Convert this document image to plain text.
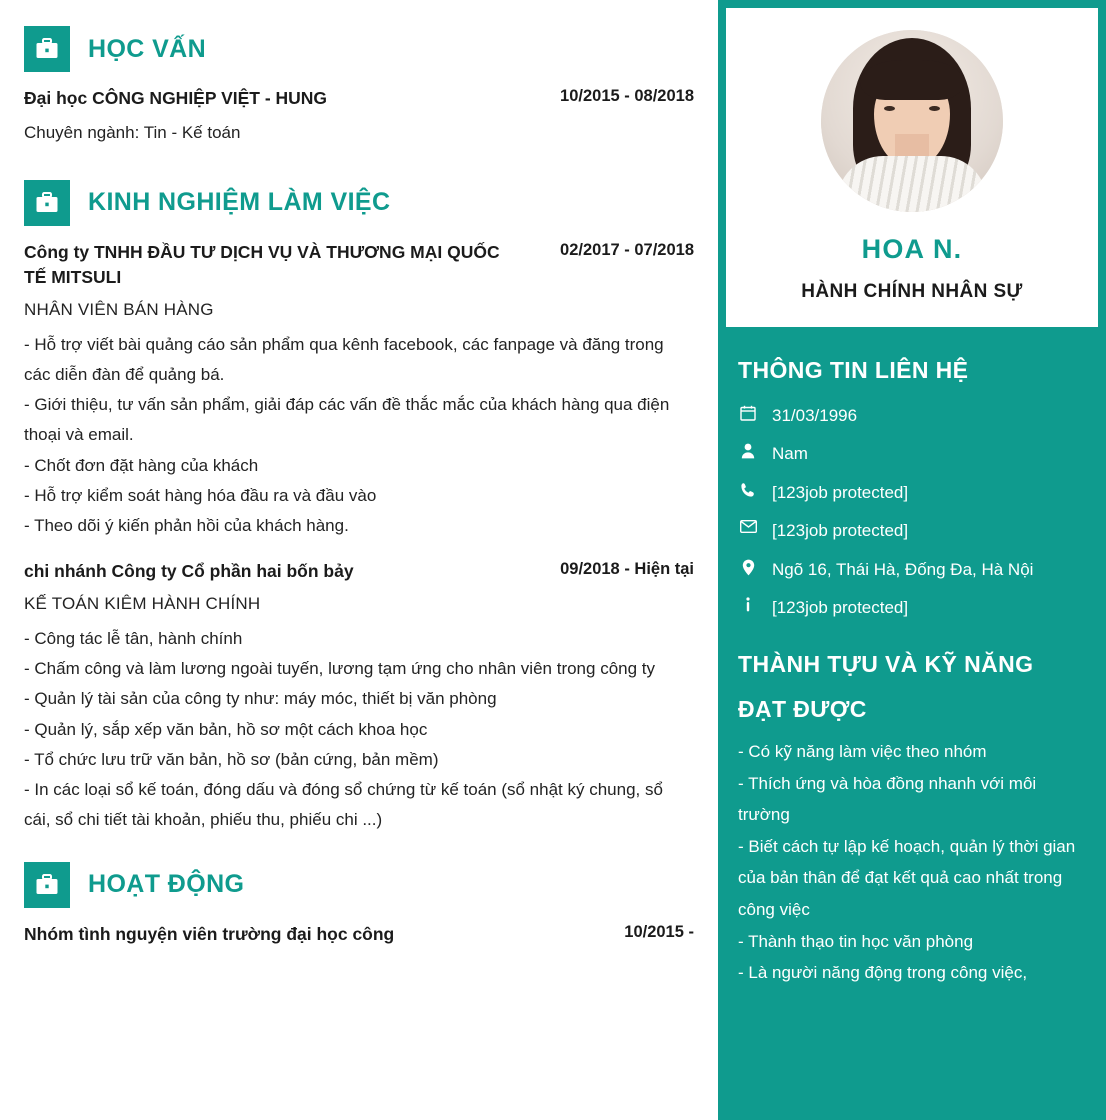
HỌC VẤN
Đại học CÔNG NGHIỆP VIỆT - HUNG	10/2015 - 08/2018
Chuyên ngành: Tin - Kế toán
KINH NGHIỆM LÀM VIỆC
Công ty TNHH ĐẦU TƯ DỊCH VỤ VÀ THƯƠNG MẠI QUỐC TẾ MITSULI
02/2017 - 07/2018
NHÂN VIÊN BÁN HÀNG

- Hỗ trợ viết bài quảng cáo sản phẩm qua kênh facebook, các fanpage và đăng trong các diễn đàn để quảng bá.

- Giới thiệu, tư vấn sản phẩm, giải đáp các vấn đề thắc mắc của khách hàng qua điện thoại và email.

- Chốt đơn đặt hàng của khách

- Hỗ trợ kiểm soát hàng hóa đầu ra và đầu vào

- Theo dõi ý kiến phản hồi của khách hàng.

chi nhánh Công ty Cổ phần hai bốn bảy	09/2018 - Hiện tại
KẾ TOÁN KIÊM HÀNH CHÍNH

- Công tác lễ tân, hành chính

- Chấm công và làm lương ngoài tuyến, lương tạm ứng cho nhân viên trong công ty

- Quản lý tài sản của công ty như: máy móc, thiết bị văn phòng

- Quản lý, sắp xếp văn bản, hồ sơ một cách khoa học

- Tổ chức lưu trữ văn bản, hồ sơ (bản cứng, bản mềm)

- In các loại sổ kế toán, đóng dấu và đóng sổ chứng từ kế toán (sổ nhật ký chung, sổ cái, sổ chi tiết tài khoản, phiếu thu, phiếu chi ...)

HOẠT ĐỘNG
Nhóm tình nguyện viên trường đại học công	10/2015 -
HOA N.
HÀNH CHÍNH NHÂN SỰ
THÔNG TIN LIÊN HỆ
31/03/1996
Nam
[123job protected]
[123job protected]
Ngõ 16, Thái Hà, Đống Đa, Hà Nội
[123job protected]
THÀNH TỰU VÀ KỸ NĂNG
ĐẠT ĐƯỢC

- Có kỹ năng làm việc theo nhóm

- Thích ứng và hòa đồng nhanh với môi trường

- Biết cách tự lập kế hoạch, quản lý thời gian của bản thân để đạt kết quả cao nhất trong công việc

- Thành thạo tin học văn phòng

- Là người năng động trong công việc,
